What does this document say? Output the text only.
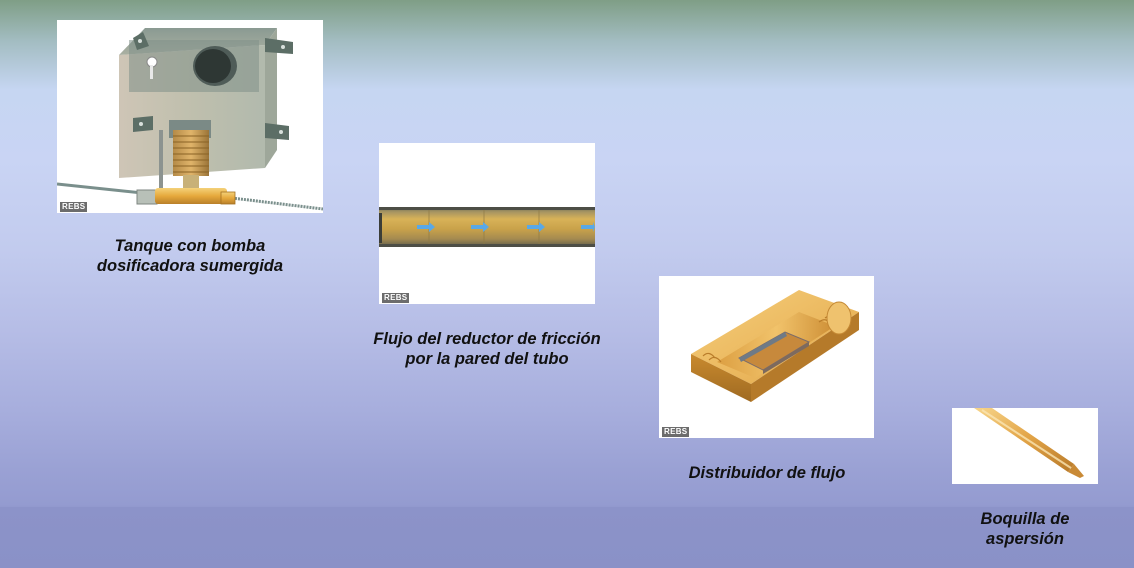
REBS
Tanque con bomba
dosificadora sumergida
REBS
Flujo del reductor de fricción
por la pared del tubo
REBS
Distribuidor de flujo
Boquilla de
aspersión
